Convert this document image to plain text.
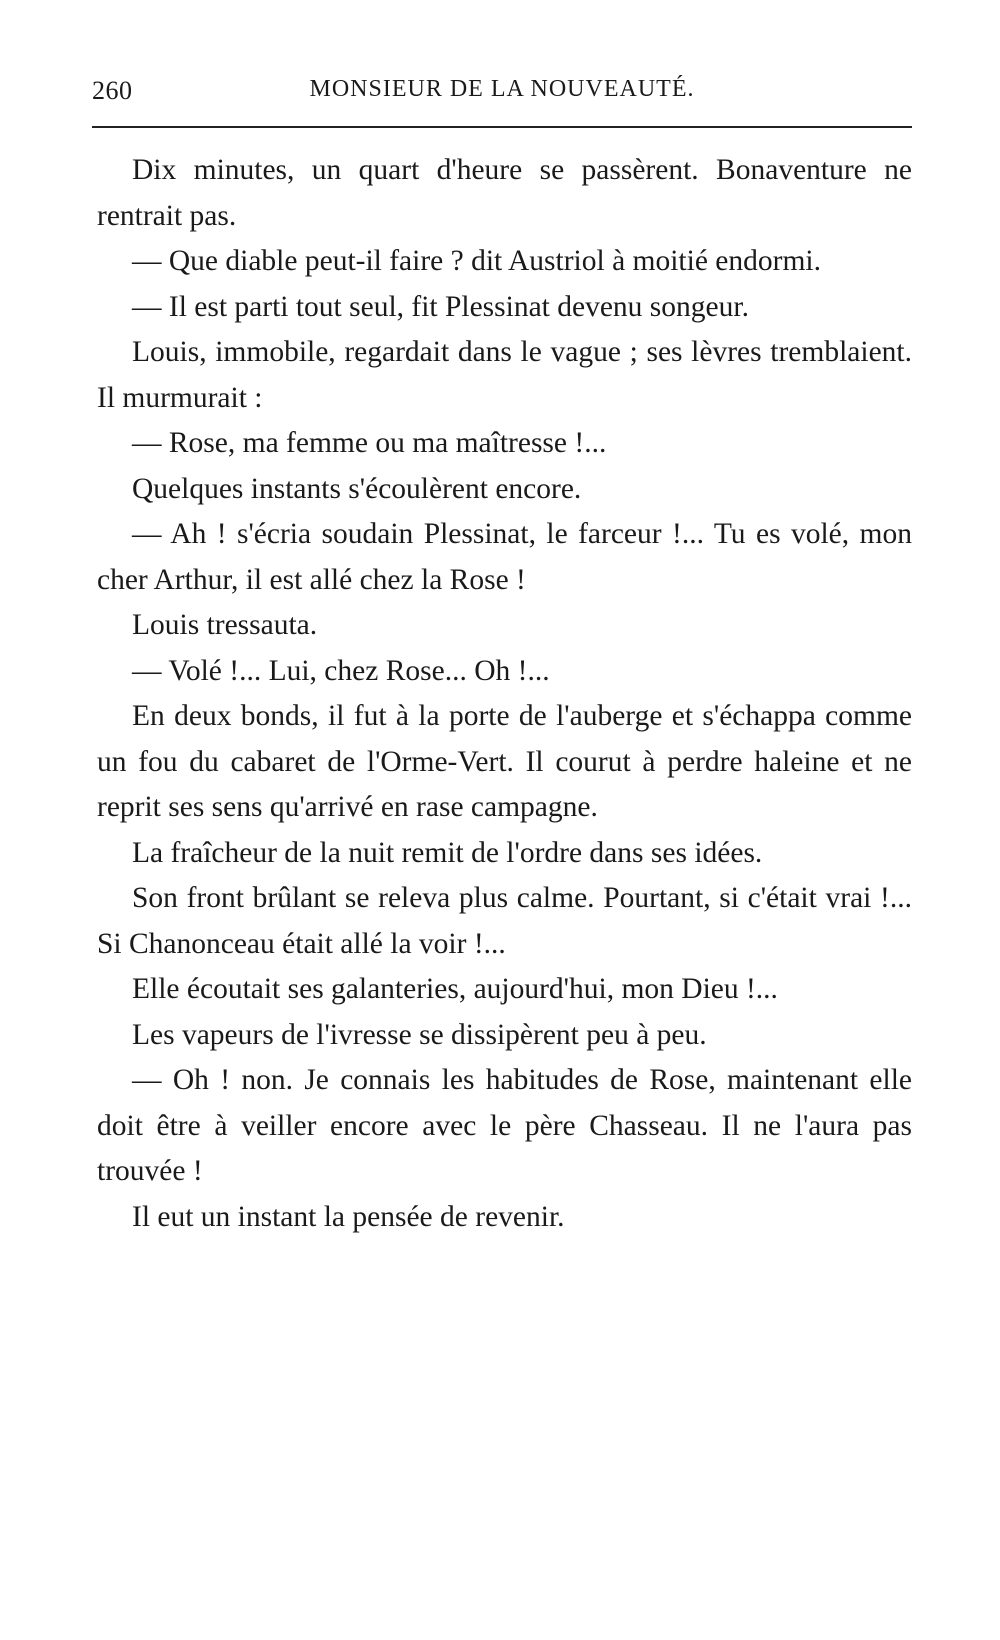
260	MONSIEUR DE LA NOUVEAUTÉ.

Dix minutes, un quart d'heure se passèrent. Bonaventure ne rentrait pas.

— Que diable peut-il faire ? dit Austriol à moitié endormi.

— Il est parti tout seul, fit Plessinat devenu songeur.

Louis, immobile, regardait dans le vague ; ses lèvres tremblaient. Il murmurait :

— Rose, ma femme ou ma maîtresse !...

Quelques instants s'écoulèrent encore.

— Ah ! s'écria soudain Plessinat, le farceur !... Tu es volé, mon cher Arthur, il est allé chez la Rose !

Louis tressauta.

— Volé !... Lui, chez Rose... Oh !...

En deux bonds, il fut à la porte de l'auberge et s'échappa comme un fou du cabaret de l'Orme-Vert. Il courut à perdre haleine et ne reprit ses sens qu'arrivé en rase campagne.

La fraîcheur de la nuit remit de l'ordre dans ses idées.

Son front brûlant se releva plus calme. Pourtant, si c'était vrai !... Si Chanonceau était allé la voir !...

Elle écoutait ses galanteries, aujourd'hui, mon Dieu !...

Les vapeurs de l'ivresse se dissipèrent peu à peu.

— Oh ! non. Je connais les habitudes de Rose, maintenant elle doit être à veiller encore avec le père Chasseau. Il ne l'aura pas trouvée !

Il eut un instant la pensée de revenir.
